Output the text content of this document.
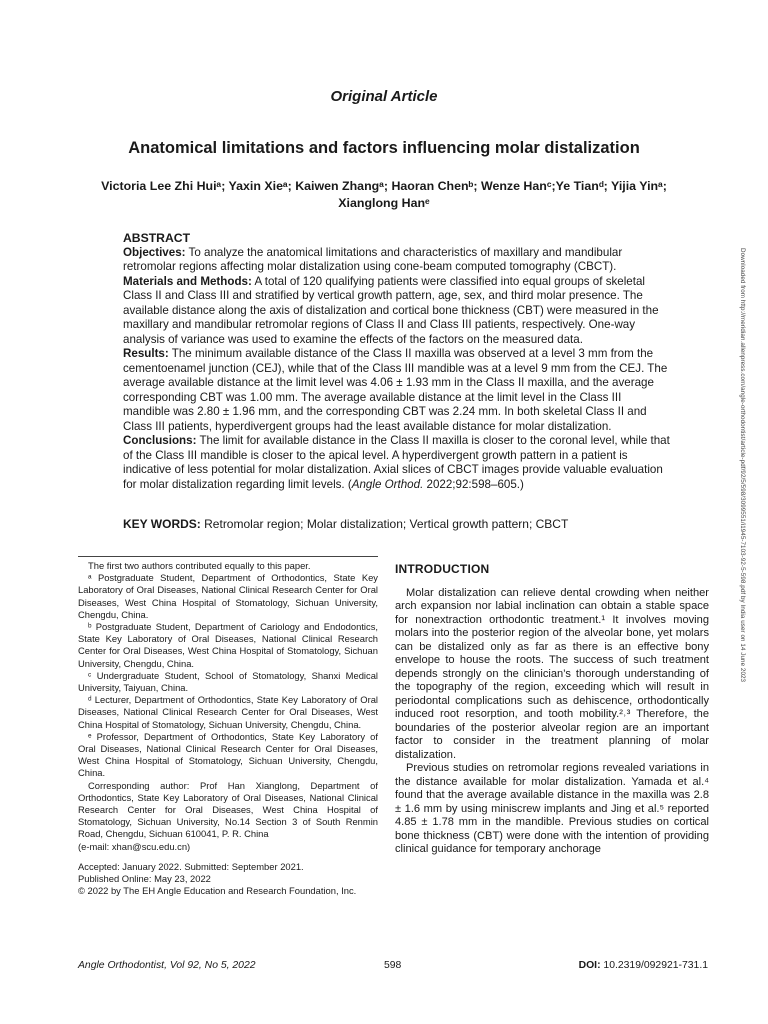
Original Article
Anatomical limitations and factors influencing molar distalization
Victoria Lee Zhi Huiᵃ; Yaxin Xieᵃ; Kaiwen Zhangᵃ; Haoran Chenᵇ; Wenze Hanᶜ;Ye Tianᵈ; Yijia Yinᵃ;
Xianglong Hanᵉ

ABSTRACT

Objectives: To analyze the anatomical limitations and characteristics of maxillary and mandibular retromolar regions affecting molar distalization using cone-beam computed tomography (CBCT).

Materials and Methods: A total of 120 qualifying patients were classified into equal groups of skeletal Class II and Class III and stratified by vertical growth pattern, age, sex, and third molar presence. The available distance along the axis of distalization and cortical bone thickness (CBT) were measured in the maxillary and mandibular retromolar regions of Class II and Class III patients, respectively. One-way analysis of variance was used to examine the effects of the factors on the measured data.

Results: The minimum available distance of the Class II maxilla was observed at a level 3 mm from the cementoenamel junction (CEJ), while that of the Class III mandible was at a level 9 mm from the CEJ. The average available distance at the limit level was 4.06 ± 1.93 mm in the Class II maxilla, and the average corresponding CBT was 1.00 mm. The average available distance at the limit level in the Class III mandible was 2.80 ± 1.96 mm, and the corresponding CBT was 2.24 mm. In both skeletal Class II and Class III patients, hyperdivergent groups had the least available distance for molar distalization.

Conclusions: The limit for available distance in the Class II maxilla is closer to the coronal level, while that of the Class III mandible is closer to the apical level. A hyperdivergent growth pattern in a patient is indicative of less potential for molar distalization. Axial slices of CBCT images provide valuable evaluation for molar distalization regarding limit levels. (Angle Orthod. 2022;92:598–605.)

KEY WORDS: Retromolar region; Molar distalization; Vertical growth pattern; CBCT	Downloaded from http://meridian.allenpress.com/angle-orthodontist/article-pdf/92/5/598/3099551/i1945-7103-92-5-598.pdf by India user on 14 June 2023

The first two authors contributed equally to this paper.

ᵃ Postgraduate Student, Department of Orthodontics, State Key Laboratory of Oral Diseases, National Clinical Research Center for Oral Diseases, West China Hospital of Stomatology, Sichuan University, Chengdu, China.

ᵇ Postgraduate Student, Department of Cariology and Endodontics, State Key Laboratory of Oral Diseases, National Clinical Research Center for Oral Diseases, West China Hospital of Stomatology, Sichuan University, Chengdu, China.

ᶜ Undergraduate Student, School of Stomatology, Shanxi Medical University, Taiyuan, China.

ᵈ Lecturer, Department of Orthodontics, State Key Laboratory of Oral Diseases, National Clinical Research Center for Oral Diseases, West China Hospital of Stomatology, Sichuan University, Chengdu, China.

ᵉ Professor, Department of Orthodontics, State Key Laboratory of Oral Diseases, National Clinical Research Center for Oral Diseases, West China Hospital of Stomatology, Sichuan University, Chengdu, China.

Corresponding author: Prof Han Xianglong, Department of Orthodontics, State Key Laboratory of Oral Diseases, National Clinical Research Center for Oral Diseases, West China Hospital of Stomatology, Sichuan University, No.14 Section 3 of South Renmin Road, Chengdu, Sichuan 610041, P. R. China

(e-mail: xhan@scu.edu.cn)

Accepted: January 2022. Submitted: September 2021.

Published Online: May 23, 2022

© 2022 by The EH Angle Education and Research Foundation, Inc.

INTRODUCTION

Molar distalization can relieve dental crowding when neither arch expansion nor labial inclination can obtain a stable space for nonextraction orthodontic treatment.¹ It involves moving molars into the posterior region of the alveolar bone, yet molars can be distalized only as far as there is an effective bony envelope to house the roots. The success of such treatment depends strongly on the clinician’s thorough understanding of the topography of the region, exceeding which will result in periodontal complications such as dehiscence, orthodontically induced root resorption, and tooth mobility.²˒³ Therefore, the boundaries of the posterior alveolar region are an important factor to consider in the treatment planning of molar distalization.

Previous studies on retromolar regions revealed variations in the distance available for molar distalization. Yamada et al.⁴ found that the average available distance in the maxilla was 2.8 ± 1.6 mm by using miniscrew implants and Jing et al.⁵ reported 4.85 ± 1.78 mm in the mandible. Previous studies on cortical bone thickness (CBT) were done with the intention of providing clinical guidance for temporary anchorage

Angle Orthodontist, Vol 92, No 5, 2022	598	DOI: 10.2319/092921-731.1
